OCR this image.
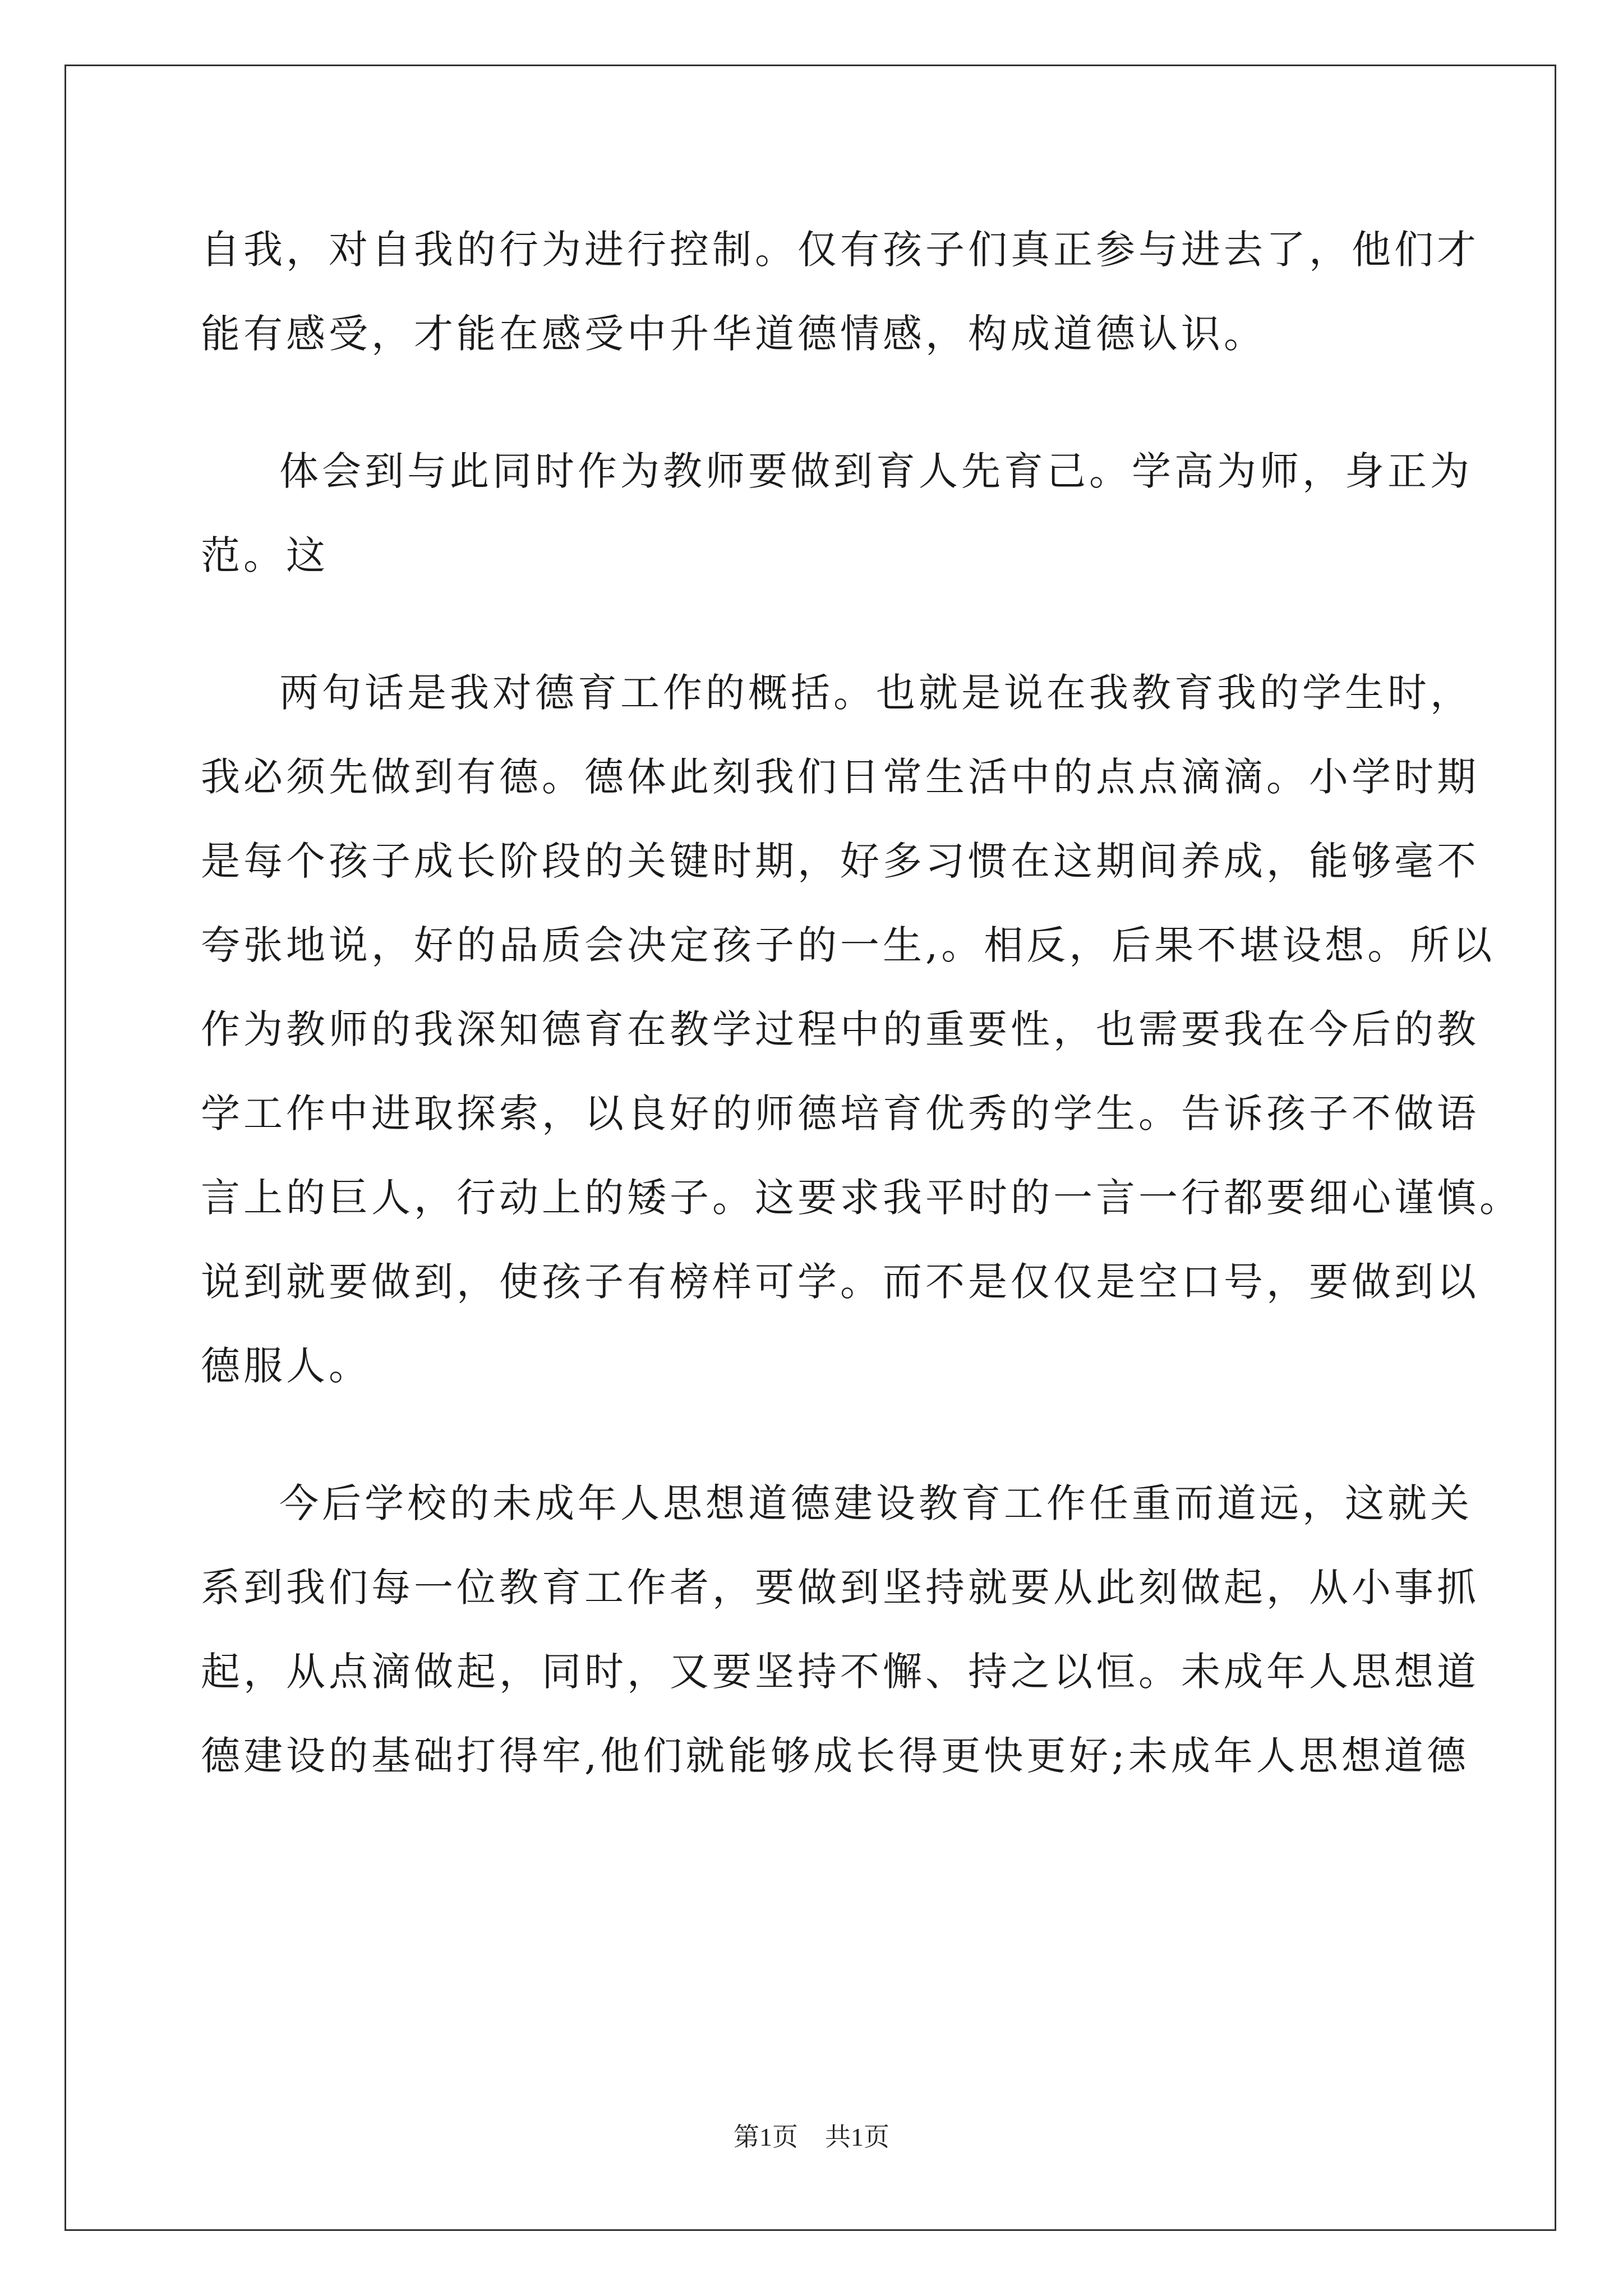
自我，对自我的行为进行控制。仅有孩子们真正参与进去了，他们才
能有感受，才能在感受中升华道德情感，构成道德认识。
体会到与此同时作为教师要做到育人先育己。学高为师，身正为
范。这
两句话是我对德育工作的概括。也就是说在我教育我的学生时，
我必须先做到有德。德体此刻我们日常生活中的点点滴滴。小学时期
是每个孩子成长阶段的关键时期，好多习惯在这期间养成，能够毫不
夸张地说，好的品质会决定孩子的一生,。相反，后果不堪设想。所以
作为教师的我深知德育在教学过程中的重要性，也需要我在今后的教
学工作中进取探索，以良好的师德培育优秀的学生。告诉孩子不做语
言上的巨人，行动上的矮子。这要求我平时的一言一行都要细心谨慎。
说到就要做到，使孩子有榜样可学。而不是仅仅是空口号，要做到以
德服人。
今后学校的未成年人思想道德建设教育工作任重而道远，这就关
系到我们每一位教育工作者，要做到坚持就要从此刻做起，从小事抓
起，从点滴做起，同时，又要坚持不懈、持之以恒。未成年人思想道
德建设的基础打得牢,他们就能够成长得更快更好;未成年人思想道德
第1页 共1页
